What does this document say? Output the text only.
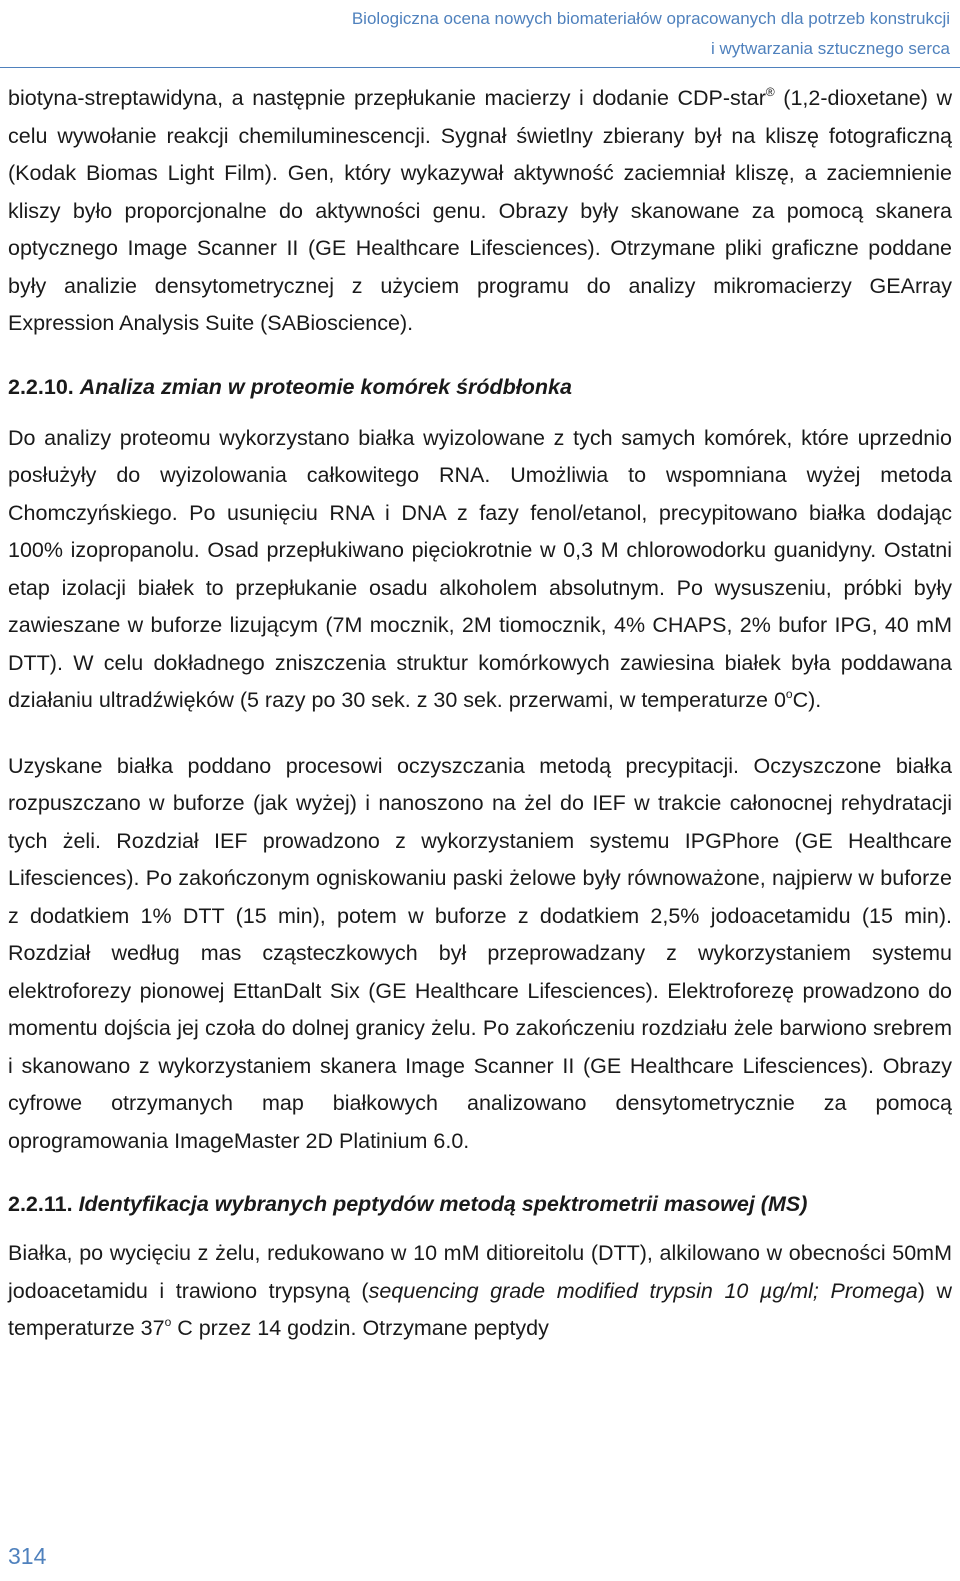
Biologiczna ocena nowych biomateriałów opracowanych dla potrzeb konstrukcji
i wytwarzania sztucznego serca

biotyna-streptawidyna, a następnie przepłukanie macierzy i dodanie CDP-star® (1,2-dioxetane) w celu wywołanie reakcji chemiluminescencji. Sygnał świetlny zbierany był na kliszę fotograficzną (Kodak Biomas Light Film). Gen, który wykazywał aktywność zaciemniał kliszę, a zaciemnienie kliszy było proporcjonalne do aktywności genu. Obrazy były skanowane za pomocą skanera optycznego Image Scanner II (GE Healthcare Lifesciences). Otrzymane pliki graficzne poddane były analizie densytometrycznej z użyciem programu do analizy mikromacierzy GEArray Expression Analysis Suite (SABioscience).

2.2.10. Analiza zmian w proteomie komórek śródbłonka

Do analizy proteomu wykorzystano białka wyizolowane z tych samych komórek, które uprzednio posłużyły do wyizolowania całkowitego RNA. Umożliwia to wspomniana wyżej metoda Chomczyńskiego. Po usunięciu RNA i DNA z fazy fenol/etanol, precypitowano białka dodając 100% izopropanolu. Osad przepłukiwano pięciokrotnie w 0,3 M chlorowodorku guanidyny. Ostatni etap izolacji białek to przepłukanie osadu alkoholem absolutnym. Po wysuszeniu, próbki były zawieszane w buforze lizującym (7M mocznik, 2M tiomocznik, 4% CHAPS, 2% bufor IPG, 40 mM DTT). W celu dokładnego zniszczenia struktur komórkowych zawiesina białek była poddawana działaniu ultradźwięków (5 razy po 30 sek. z 30 sek. przerwami, w temperaturze 0$^o$C).

Uzyskane białka poddano procesowi oczyszczania metodą precypitacji. Oczyszczone białka rozpuszczano w buforze (jak wyżej) i nanoszono na żel do IEF w trakcie całonocnej rehydratacji tych żeli. Rozdział IEF prowadzono z wykorzystaniem systemu IPGPhore (GE Healthcare Lifesciences). Po zakończonym ogniskowaniu paski żelowe były równoważone, najpierw w buforze z dodatkiem 1% DTT (15 min), potem w buforze z dodatkiem 2,5% jodoacetamidu (15 min). Rozdział według mas cząsteczkowych był przeprowadzany z wykorzystaniem systemu elektroforezy pionowej EttanDalt Six (GE Healthcare Lifesciences). Elektroforezę prowadzono do momentu dojścia jej czoła do dolnej granicy żelu. Po zakończeniu rozdziału żele barwiono srebrem i skanowano z wykorzystaniem skanera Image Scanner II (GE Healthcare Lifesciences). Obrazy cyfrowe otrzymanych map białkowych analizowano densytometrycznie za pomocą oprogramowania ImageMaster 2D Platinium 6.0.

2.2.11. Identyfikacja wybranych peptydów metodą spektrometrii masowej (MS)

Białka, po wycięciu z żelu, redukowano w 10 mM ditioreitolu (DTT), alkilowano w obecności 50mM jodoacetamidu i trawiono trypsyną (sequencing grade modified trypsin 10 µg/ml; Promega) w temperaturze 37$^o$ C przez 14 godzin. Otrzymane peptydy

314
